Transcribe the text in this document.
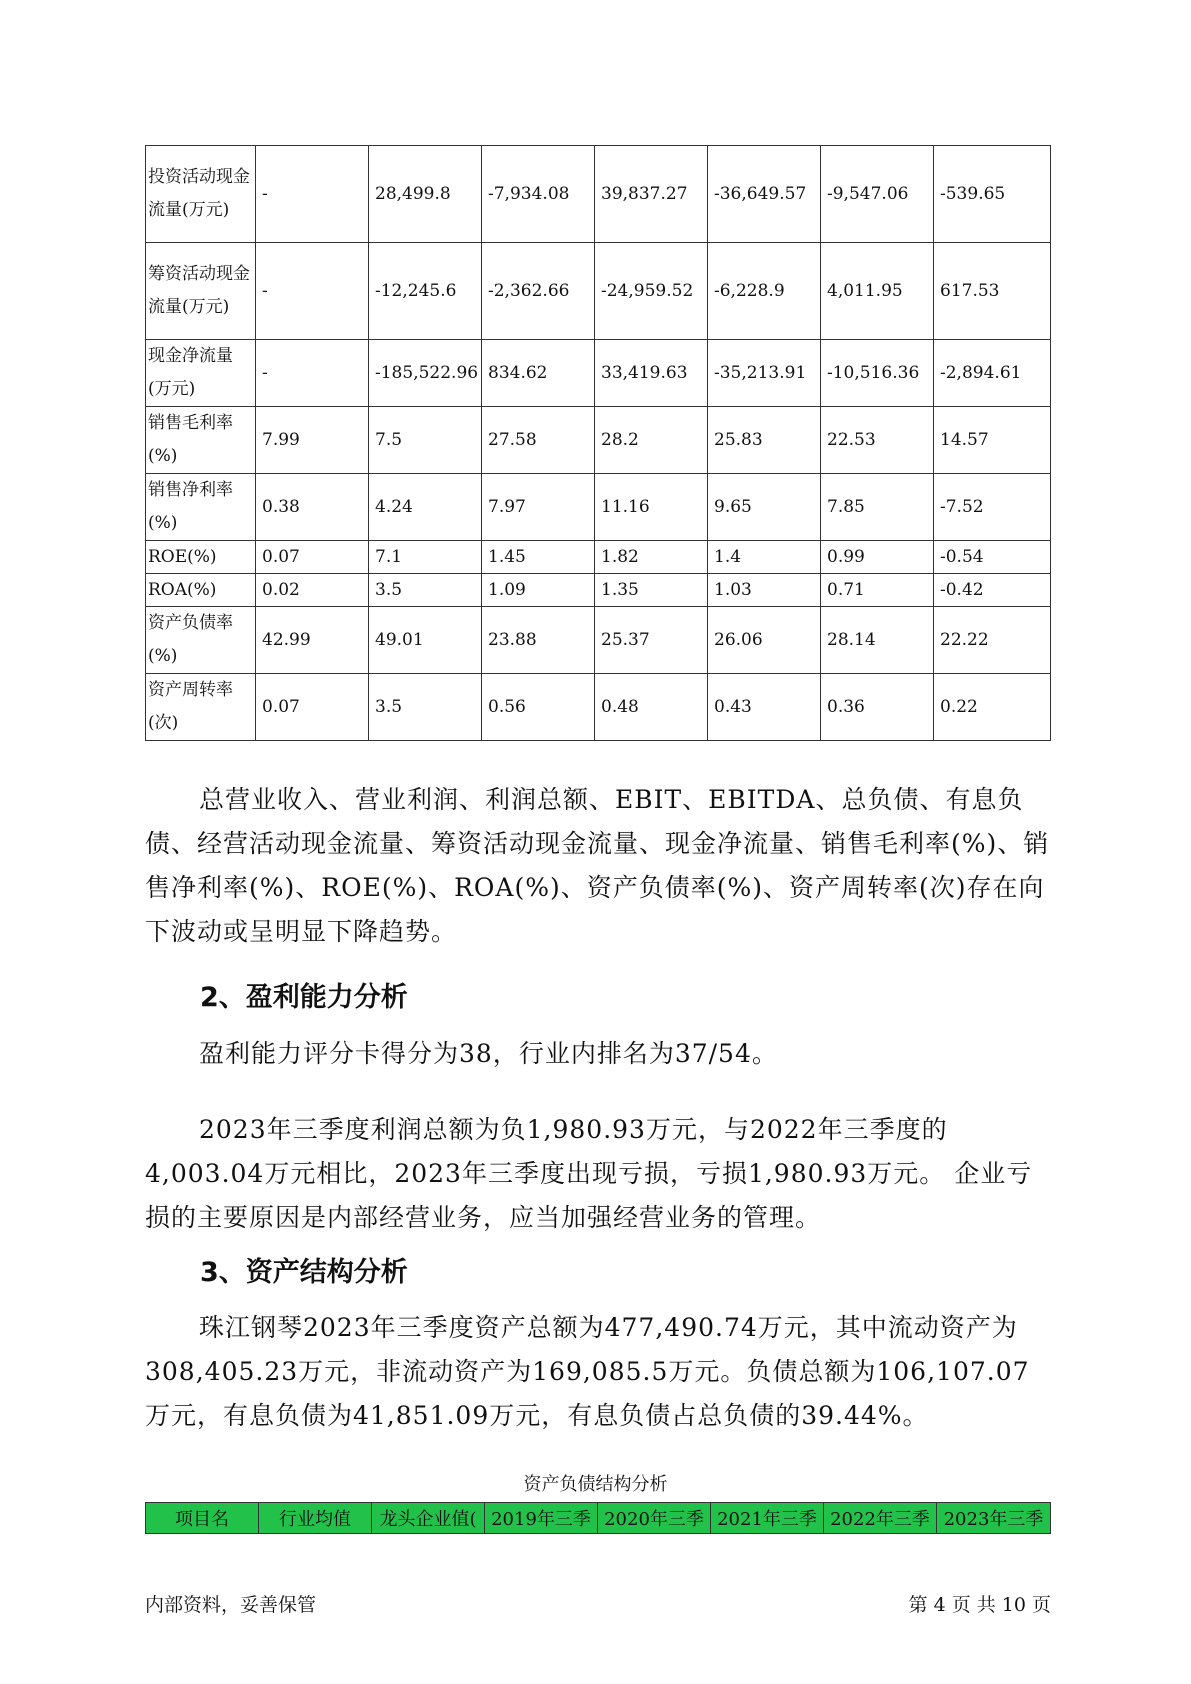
投资活动现金流量(万元)	-	28,499.8	-7,934.08	39,837.27	-36,649.57	-9,547.06	-539.65
筹资活动现金流量(万元)	-	-12,245.6	-2,362.66	-24,959.52	-6,228.9	4,011.95	617.53
现金净流量(万元)	-	-185,522.96	834.62	33,419.63	-35,213.91	-10,516.36	-2,894.61
销售毛利率(%)	7.99	7.5	27.58	28.2	25.83	22.53	14.57
销售净利率(%)	0.38	4.24	7.97	11.16	9.65	7.85	-7.52
ROE(%)	0.07	7.1	1.45	1.82	1.4	0.99	-0.54
ROA(%)	0.02	3.5	1.09	1.35	1.03	0.71	-0.42
资产负债率(%)	42.99	49.01	23.88	25.37	26.06	28.14	22.22
资产周转率(次)	0.07	3.5	0.56	0.48	0.43	0.36	0.22
总营业收入、营业利润、利润总额、EBIT、EBITDA、总负债、有息负债、经营活动现金流量、筹资活动现金流量、现金净流量、销售毛利率(%)、销售净利率(%)、ROE(%)、ROA(%)、资产负债率(%)、资产周转率(次)存在向下波动或呈明显下降趋势。
2、盈利能力分析
盈利能力评分卡得分为38，行业内排名为37/54。
2023年三季度利润总额为负1,980.93万元，与2022年三季度的4,003.04万元相比，2023年三季度出现亏损，亏损1,980.93万元。 企业亏损的主要原因是内部经营业务，应当加强经营业务的管理。
3、资产结构分析
珠江钢琴2023年三季度资产总额为477,490.74万元，其中流动资产为308,405.23万元，非流动资产为169,085.5万元。负债总额为106,107.07万元，有息负债为41,851.09万元，有息负债占总负债的39.44%。
资产负债结构分析
项目名	行业均值	龙头企业值(	2019年三季	2020年三季	2021年三季	2022年三季	2023年三季
内部资料，妥善保管	第 4 页 共 10 页
